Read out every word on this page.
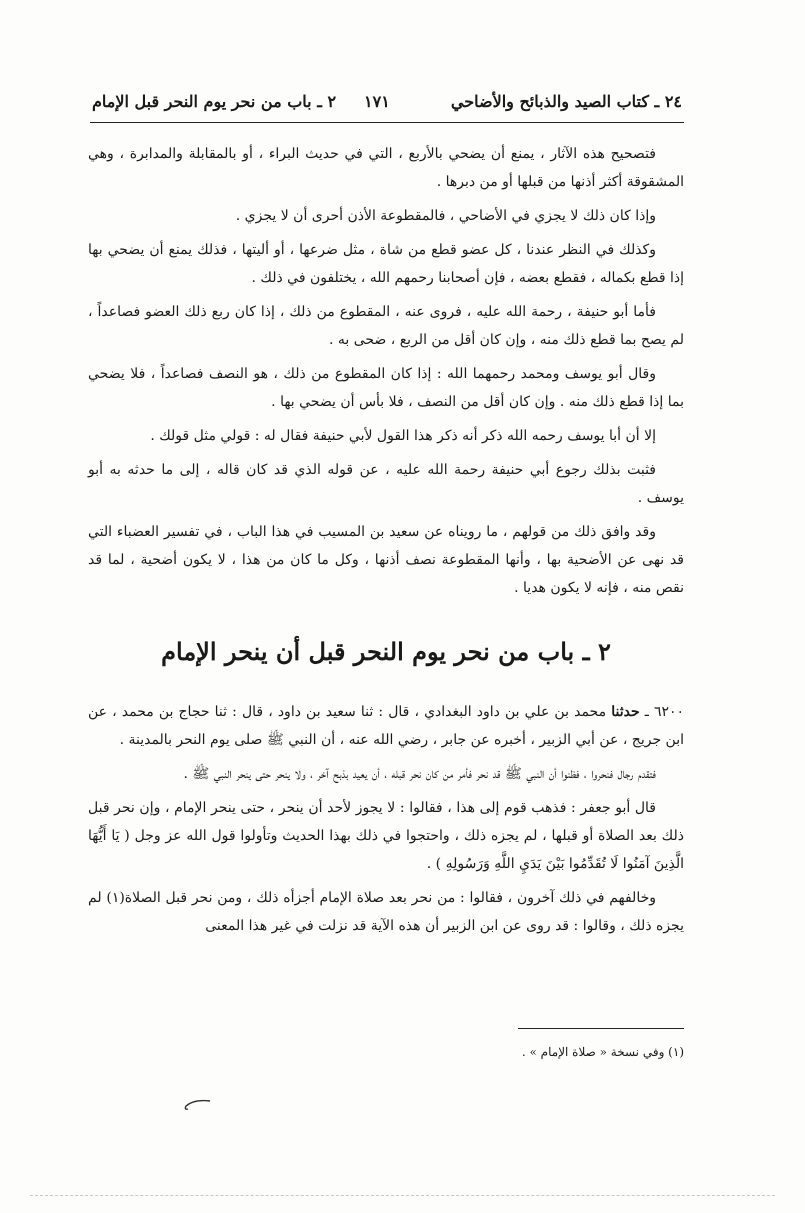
٢٤ ـ كتاب الصيد والذبائح والأضاحي
١٧١
٢ ـ باب من نحر يوم النحر قبل الإمام

فتصحيح هذه الآثار ، يمنع أن يضحي بالأربع ، التي في حديث البراء ، أو بالمقابلة والمدابرة ، وهي المشقوقة أكثر أذنها من قبلها أو من دبرها .

وإذا كان ذلك لا يجزي في الأضاحي ، فالمقطوعة الأذن أحرى أن لا يجزي .

وكذلك في النظر عندنا ، كل عضو قطع من شاة ، مثل ضرعها ، أو أليتها ، فذلك يمنع أن يضحي بها إذا قطع بكماله ، فقطع بعضه ، فإن أصحابنا رحمهم الله ، يختلفون في ذلك .

فأما أبو حنيفة ، رحمة الله عليه ، فروى عنه ، المقطوع من ذلك ، إذا كان ربع ذلك العضو فصاعداً ، لم يصح بما قطع ذلك منه ، وإن كان أقل من الربع ، ضحى به .

وقال أبو يوسف ومحمد رحمهما الله : إذا كان المقطوع من ذلك ، هو النصف فصاعداً ، فلا يضحي بما إذا قطع ذلك منه . وإن كان أقل من النصف ، فلا بأس أن يضحي بها .

إلا أن أبا يوسف رحمه الله ذكر أنه ذكر هذا القول لأبي حنيفة فقال له : قولي مثل قولك .

فثبت بذلك رجوع أبي حنيفة رحمة الله عليه ، عن قوله الذي قد كان قاله ، إلى ما حدثه به أبو يوسف .

وقد وافق ذلك من قولهم ، ما رويناه عن سعيد بن المسيب في هذا الباب ، في تفسير العضباء التي قد نهى عن الأضحية بها ، وأنها المقطوعة نصف أذنها ، وكل ما كان من هذا ، لا يكون أضحية ، لما قد نقص منه ، فإنه لا يكون هديا .

٢ ـ باب من نحر يوم النحر قبل أن ينحر الإمام

٦٢٠٠ ـ حدثنا محمد بن علي بن داود البغدادي ، قال : ثنا سعيد بن داود ، قال : ثنا حجاج بن محمد ، عن ابن جريج ، عن أبي الزبير ، أخبره عن جابر ، رضي الله عنه ، أن النبي ﷺ صلى يوم النحر بالمدينة .

فتقدم رجال فنحروا ، فظنوا أن النبي ﷺ قد نحر فأمر من كان نحر قبله ، أن يعيد بذبح آخر ، ولا ينحر حتى ينحر النبي ﷺ .

قال أبو جعفر : فذهب قوم إلى هذا ، فقالوا : لا يجوز لأحد أن ينحر ، حتى ينحر الإمام ، وإن نحر قبل ذلك بعد الصلاة أو قبلها ، لم يجزه ذلك ، واحتجوا في ذلك بهذا الحديث وتأولوا قول الله عز وجل ( يَا أَيُّهَا الَّذِينَ آمَنُوا لَا تُقَدِّمُوا بَيْنَ يَدَيِ اللَّهِ وَرَسُولِهِ ) .

وخالفهم في ذلك آخرون ، فقالوا : من نحر بعد صلاة الإمام أجزأه ذلك ، ومن نحر قبل الصلاة(١) لم يجزه ذلك ، وقالوا : قد روى عن ابن الزبير أن هذه الآية قد نزلت في غير هذا المعنى

(١) وفي نسخة « صلاة الإمام » .
